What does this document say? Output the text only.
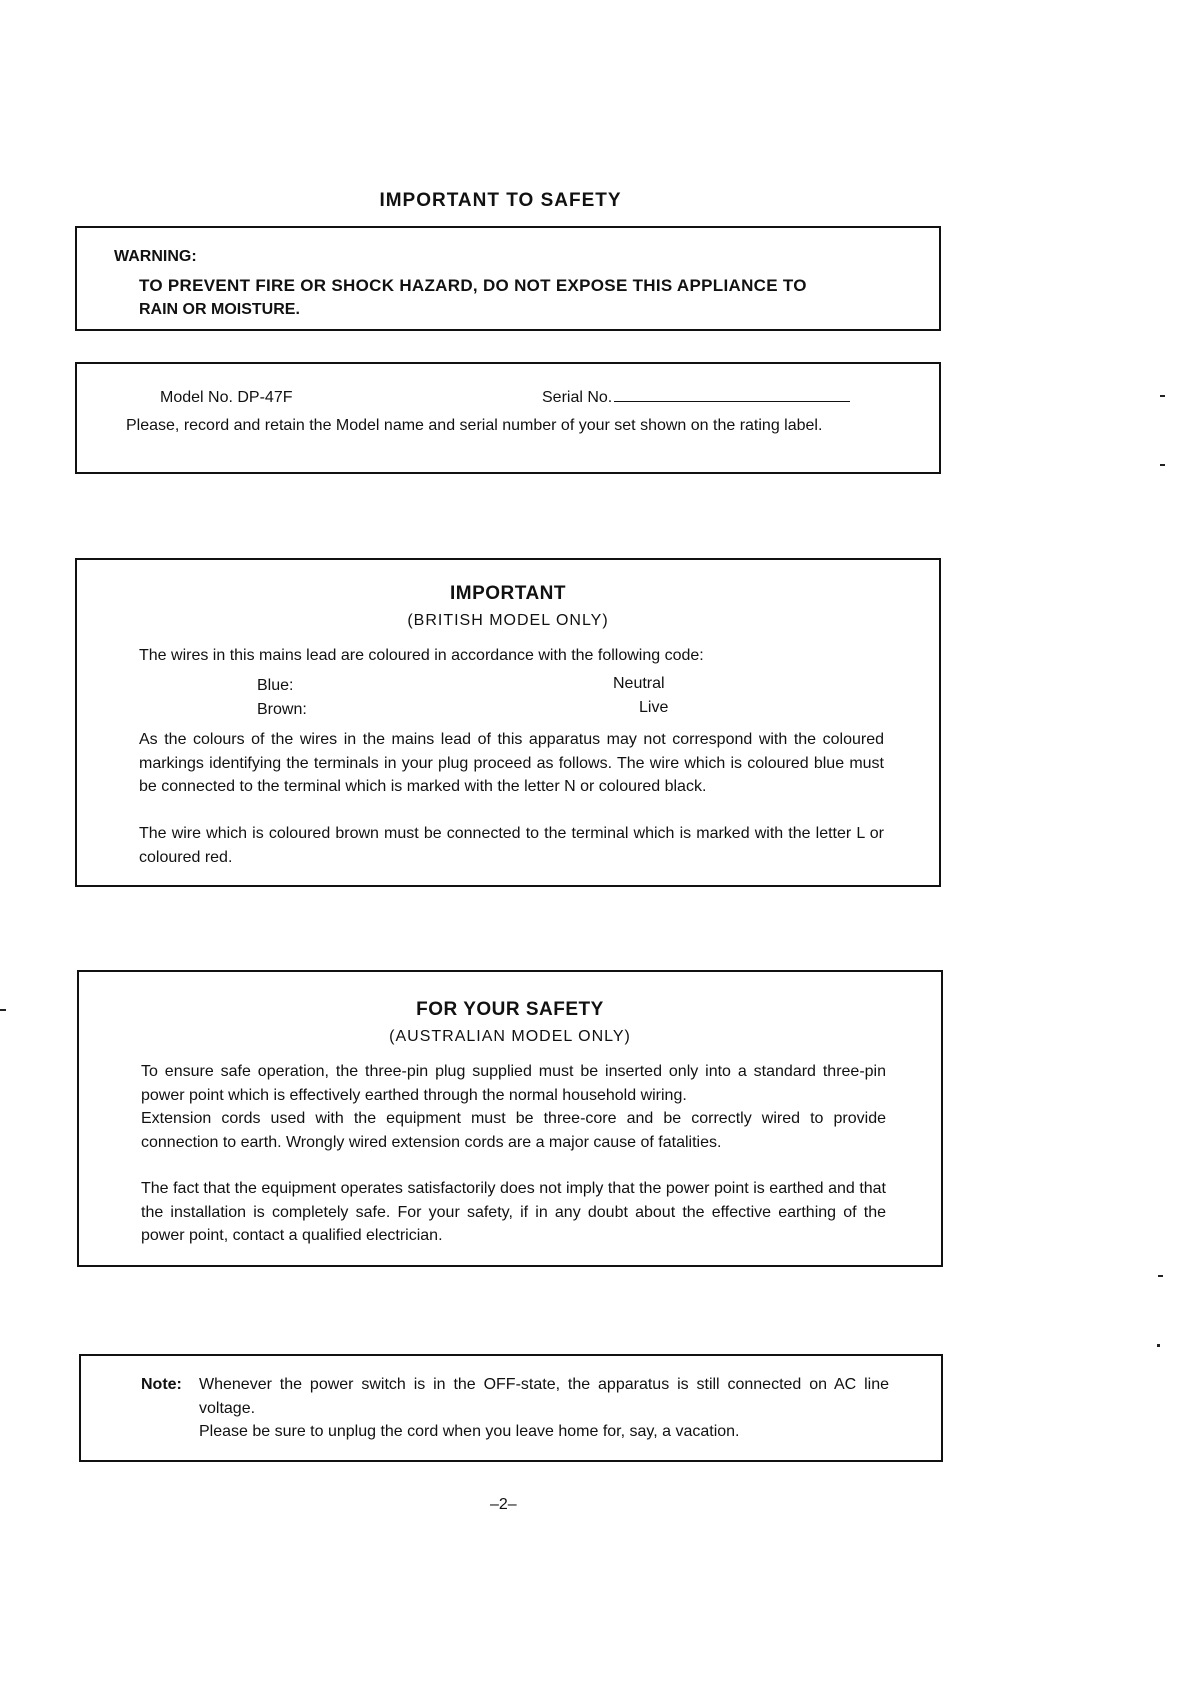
IMPORTANT TO SAFETY
WARNING:
TO PREVENT FIRE OR SHOCK HAZARD, DO NOT EXPOSE THIS APPLIANCE TO
RAIN OR MOISTURE.
Model No. DP-47F	Serial No.
Please, record and retain the Model name and serial number of your set shown on the rating label.
IMPORTANT
(BRITISH MODEL ONLY)
The wires in this mains lead are coloured in accordance with the following code:
Blue:	Neutral
Brown:	Live
As the colours of the wires in the mains lead of this apparatus may not correspond with the coloured markings identifying the terminals in your plug proceed as follows. The wire which is coloured blue must be connected to the terminal which is marked with the letter N or coloured black.
The wire which is coloured brown must be connected to the terminal which is marked with the letter L or coloured red.
FOR YOUR SAFETY
(AUSTRALIAN MODEL ONLY)
To ensure safe operation, the three-pin plug supplied must be inserted only into a standard three-pin power point which is effectively earthed through the normal household wiring.
Extension cords used with the equipment must be three-core and be correctly wired to provide connection to earth. Wrongly wired extension cords are a major cause of fatalities.
The fact that the equipment operates satisfactorily does not imply that the power point is earthed and that the installation is completely safe. For your safety, if in any doubt about the effective earthing of the power point, contact a qualified electrician.
Note: Whenever the power switch is in the OFF-state, the apparatus is still connected on AC line voltage.
Please be sure to unplug the cord when you leave home for, say, a vacation.
–2–
